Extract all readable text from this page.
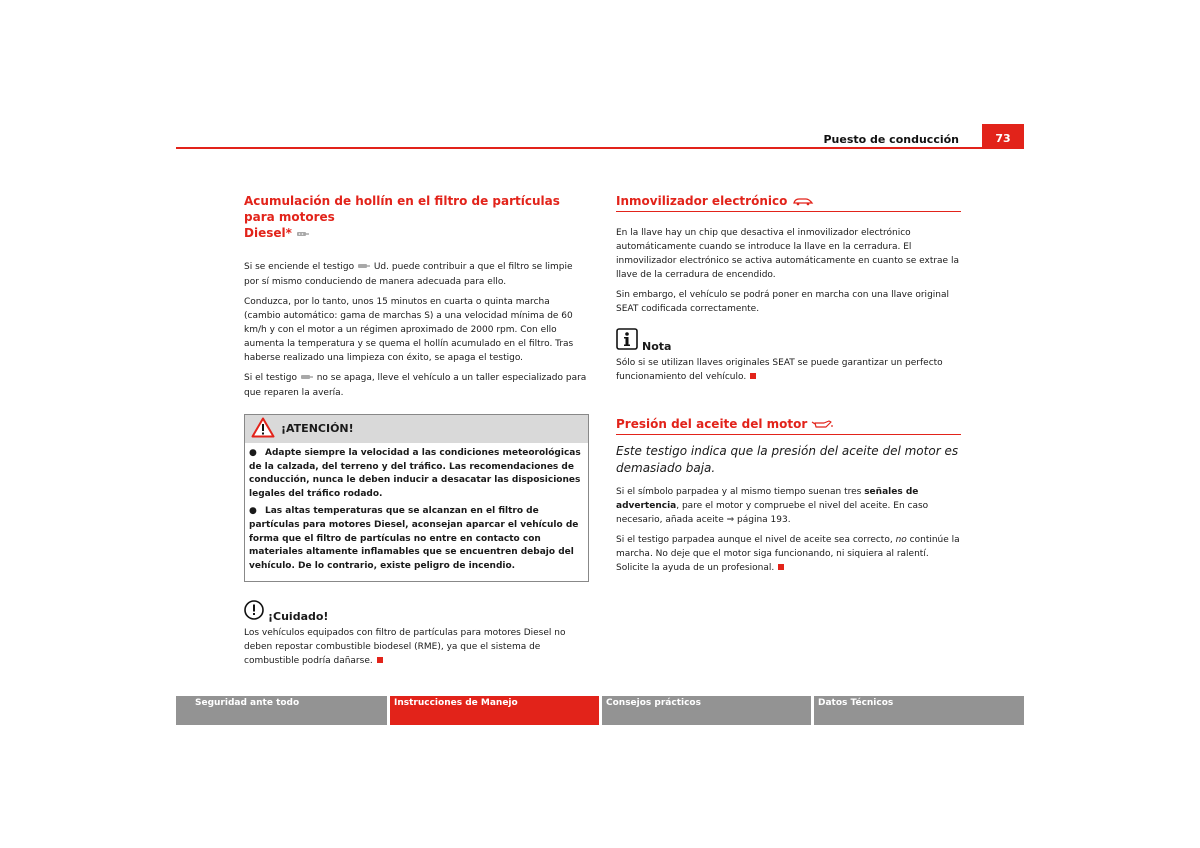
Puesto de conducción	73
Acumulación de hollín en el filtro de partículas para motores
Diesel*

Si se enciende el testigo  Ud. puede contribuir a que el filtro se limpie por sí mismo conduciendo de manera adecuada para ello.

Conduzca, por lo tanto, unos 15 minutos en cuarta o quinta marcha (cambio automático: gama de marchas S) a una velocidad mínima de 60 km/h y con el motor a un régimen aproximado de 2000 rpm. Con ello aumenta la temperatura y se quema el hollín acumulado en el filtro. Tras haberse realizado una limpieza con éxito, se apaga el testigo.

Si el testigo  no se apaga, lleve el vehículo a un taller especializado para que reparen la avería.

¡ATENCIÓN!
● Adapte siempre la velocidad a las condiciones meteorológicas de la calzada, del terreno y del tráfico. Las recomendaciones de conducción, nunca le deben inducir a desacatar las disposiciones legales del tráfico rodado.
● Las altas temperaturas que se alcanzan en el filtro de partículas para motores Diesel, aconsejan aparcar el vehículo de forma que el filtro de partículas no entre en contacto con materiales altamente inflamables que se encuentren debajo del vehículo. De lo contrario, existe peligro de incendio.
¡Cuidado!

Los vehículos equipados con filtro de partículas para motores Diesel no deben repostar combustible biodesel (RME), ya que el sistema de combustible podría dañarse.

Inmovilizador electrónico

En la llave hay un chip que desactiva el inmovilizador electrónico automáticamente cuando se introduce la llave en la cerradura. El inmovilizador electrónico se activa automáticamente en cuanto se extrae la llave de la cerradura de encendido.

Sin embargo, el vehículo se podrá poner en marcha con una llave original SEAT codificada correctamente.

Nota

Sólo si se utilizan llaves originales SEAT se puede garantizar un perfecto funcionamiento del vehículo.

Presión del aceite del motor

Este testigo indica que la presión del aceite del motor es demasiado baja.

Si el símbolo parpadea y al mismo tiempo suenan tres señales de advertencia, pare el motor y compruebe el nivel del aceite. En caso necesario, añada aceite ⇒ página 193.

Si el testigo parpadea aunque el nivel de aceite sea correcto, no continúe la marcha. No deje que el motor siga funcionando, ni siquiera al ralentí. Solicite la ayuda de un profesional.

Seguridad ante todo	Instrucciones de Manejo	Consejos prácticos	Datos Técnicos
